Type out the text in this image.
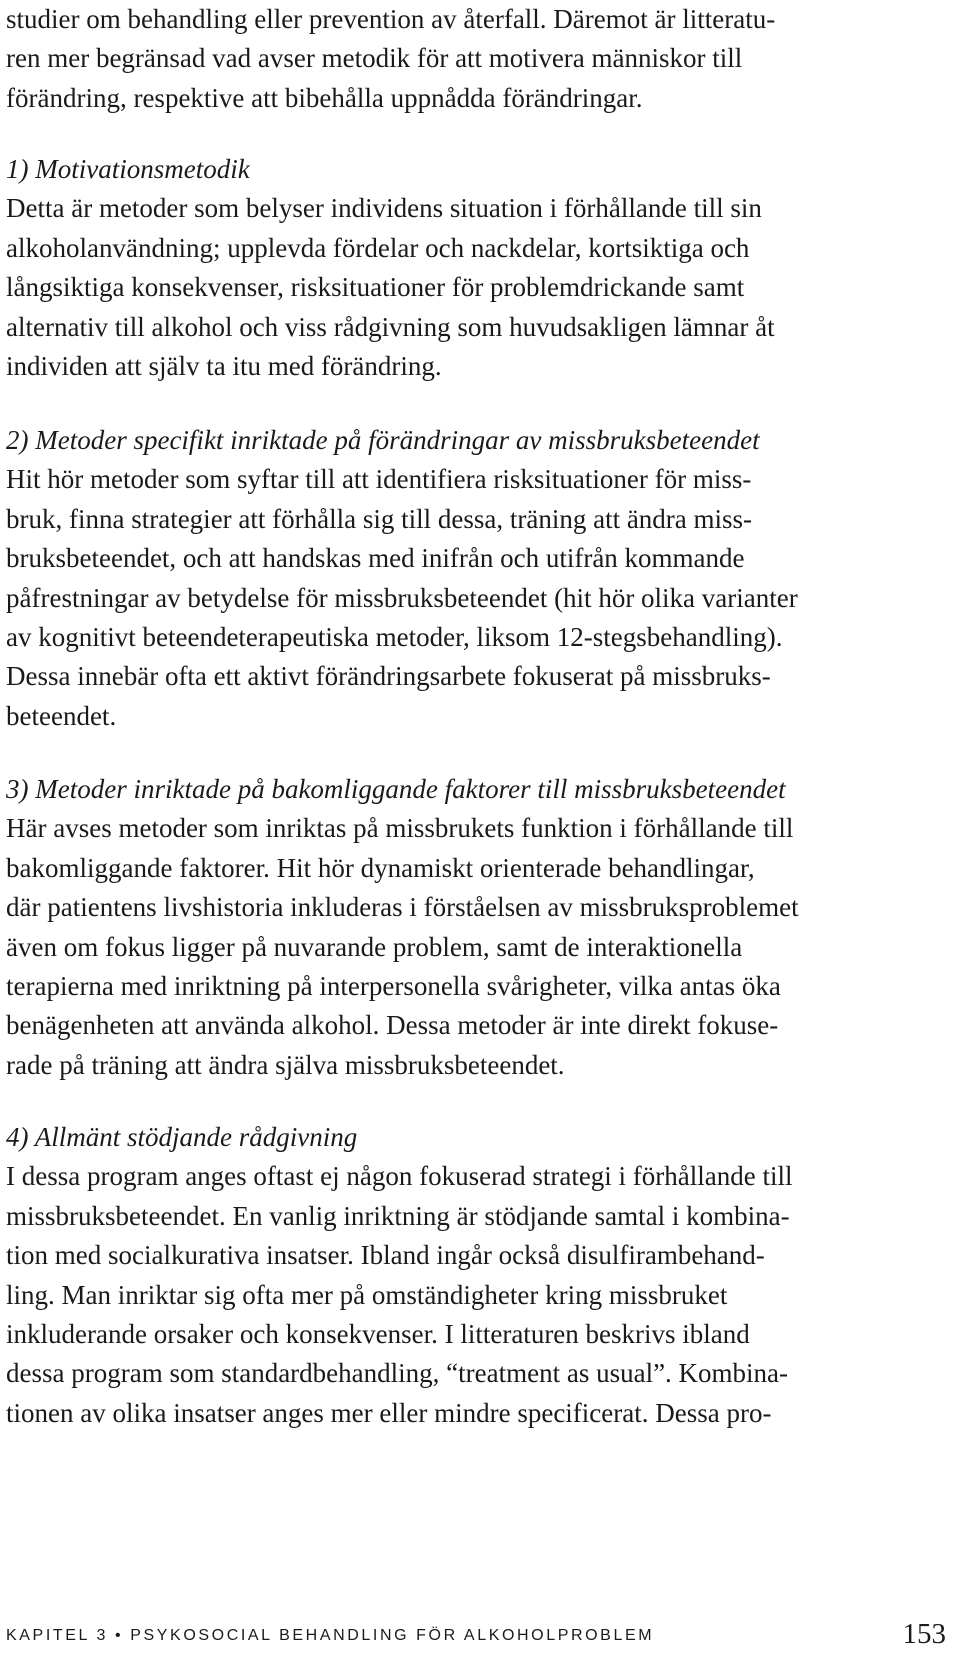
studier om behandling eller prevention av återfall. Däremot är litteratu-
ren mer begränsad vad avser metodik för att motivera människor till
förändring, respektive att bibehålla uppnådda förändringar.
1) Motivationsmetodik
Detta är metoder som belyser individens situation i förhållande till sin
alkoholanvändning; upplevda fördelar och nackdelar, kortsiktiga och
långsiktiga konsekvenser, risksituationer för problemdrickande samt
alternativ till alkohol och viss rådgivning som huvudsakligen lämnar åt
individen att själv ta itu med förändring.
2) Metoder specifikt inriktade på förändringar av missbruksbeteendet
Hit hör metoder som syftar till att identifiera risksituationer för miss-
bruk, finna strategier att förhålla sig till dessa, träning att ändra miss-
bruksbeteendet, och att handskas med inifrån och utifrån kommande
påfrestningar av betydelse för missbruksbeteendet (hit hör olika varianter
av kognitivt beteendeterapeutiska metoder, liksom 12-stegsbehandling).
Dessa innebär ofta ett aktivt förändringsarbete fokuserat på missbruks-
beteendet.
3) Metoder inriktade på bakomliggande faktorer till missbruksbeteendet
Här avses metoder som inriktas på missbrukets funktion i förhållande till
bakomliggande faktorer. Hit hör dynamiskt orienterade behandlingar,
där patientens livshistoria inkluderas i förståelsen av missbruksproblemet
även om fokus ligger på nuvarande problem, samt de interaktionella
terapierna med inriktning på interpersonella svårigheter, vilka antas öka
benägenheten att använda alkohol. Dessa metoder är inte direkt fokuse-
rade på träning att ändra själva missbruksbeteendet.
4) Allmänt stödjande rådgivning
I dessa program anges oftast ej någon fokuserad strategi i förhållande till
missbruksbeteendet. En vanlig inriktning är stödjande samtal i kombina-
tion med socialkurativa insatser. Ibland ingår också disulfirambehand-
ling. Man inriktar sig ofta mer på omständigheter kring missbruket
inkluderande orsaker och konsekvenser. I litteraturen beskrivs ibland
dessa program som standardbehandling, “treatment as usual”. Kombina-
tionen av olika insatser anges mer eller mindre specificerat. Dessa pro-
KAPITEL 3 • PSYKOSOCIAL BEHANDLING FÖR ALKOHOLPROBLEM	153
